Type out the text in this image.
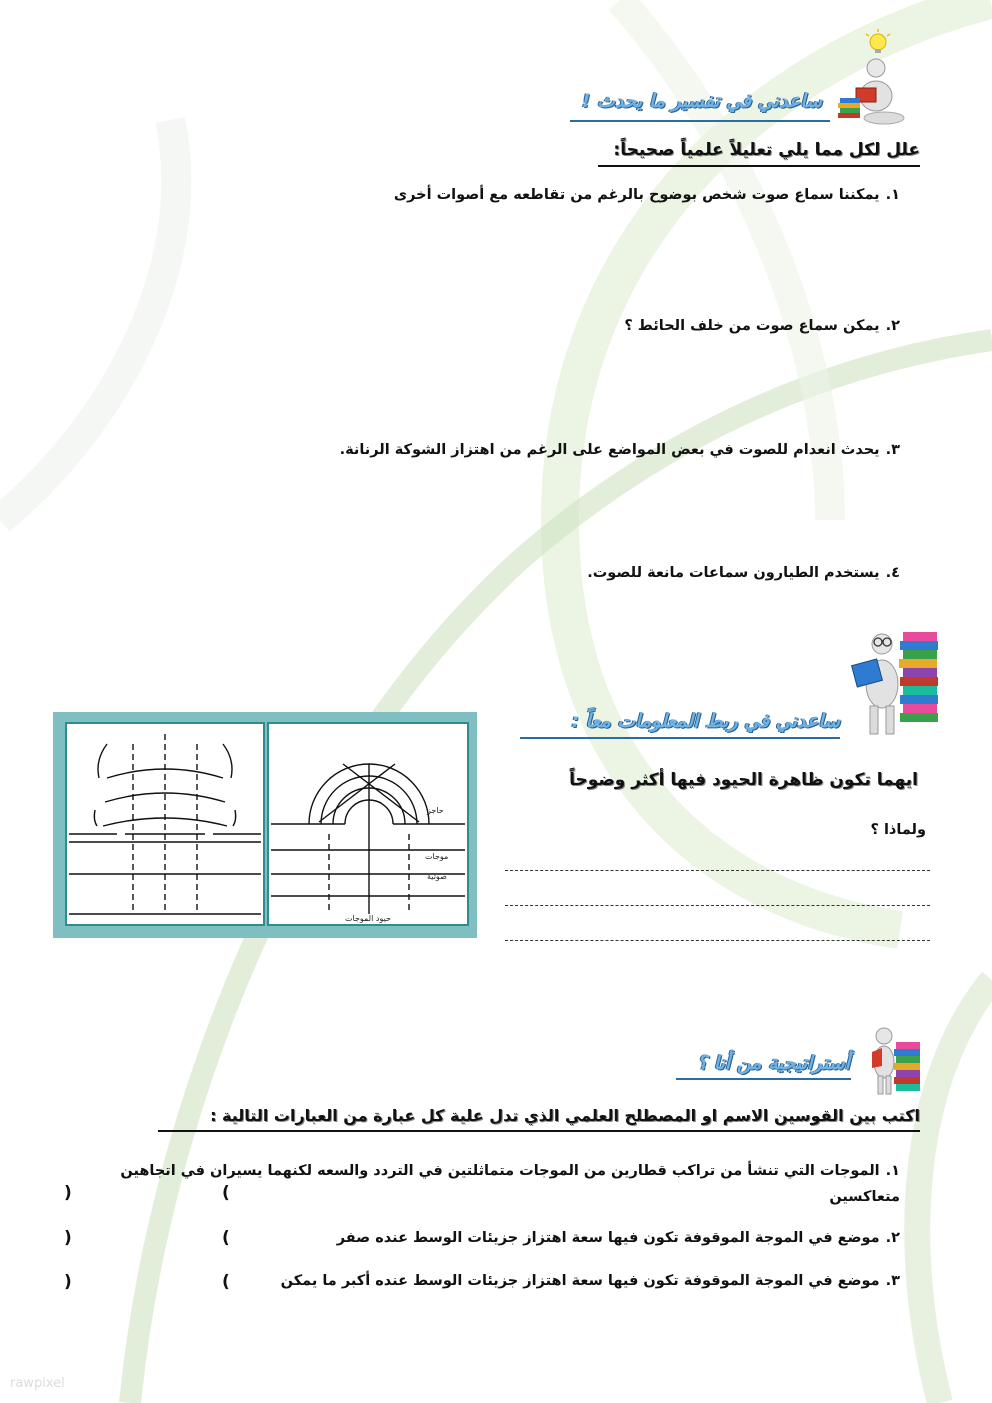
ساعدني في تفسير ما يحدث !
علل لكل مما يلي تعليلاً علمياً صحيحاً:
١.يمكننا سماع صوت شخص بوضوح بالرغم من تقاطعه مع أصوات أخرى
٢.يمكن سماع صوت من خلف الحائط ؟
٣.يحدث انعدام للصوت في بعض المواضع على الرغم من اهتزاز الشوكة الرنانة.
٤.يستخدم الطيارون سماعات مانعة للصوت.
ساعدني في ربط المعلومات معاً :
ايهما تكون ظاهرة الحيود فيها أكثر وضوحاً
ولماذا ؟
حاجز
موجات
صوتية
حيود الموجات
أستراتيجية من أنا ؟
اكتب بين القوسين الاسم او المصطلح العلمي الذي تدل علية كل عبارة من العبارات التالية :
١.الموجات التي تنشأ من تراكب قطارين من الموجات متماثلتين في التردد والسعه لكنهما يسيران في اتجاهين متعاكسين
(
)
٢.موضع في الموجة الموقوفة تكون فيها سعة اهتزاز جزيئات الوسط عنده صفر
(
)
٣.موضع في الموجة الموقوفة تكون فيها سعة اهتزاز جزيئات الوسط عنده أكبر ما يمكن
(
)
rawpixel
